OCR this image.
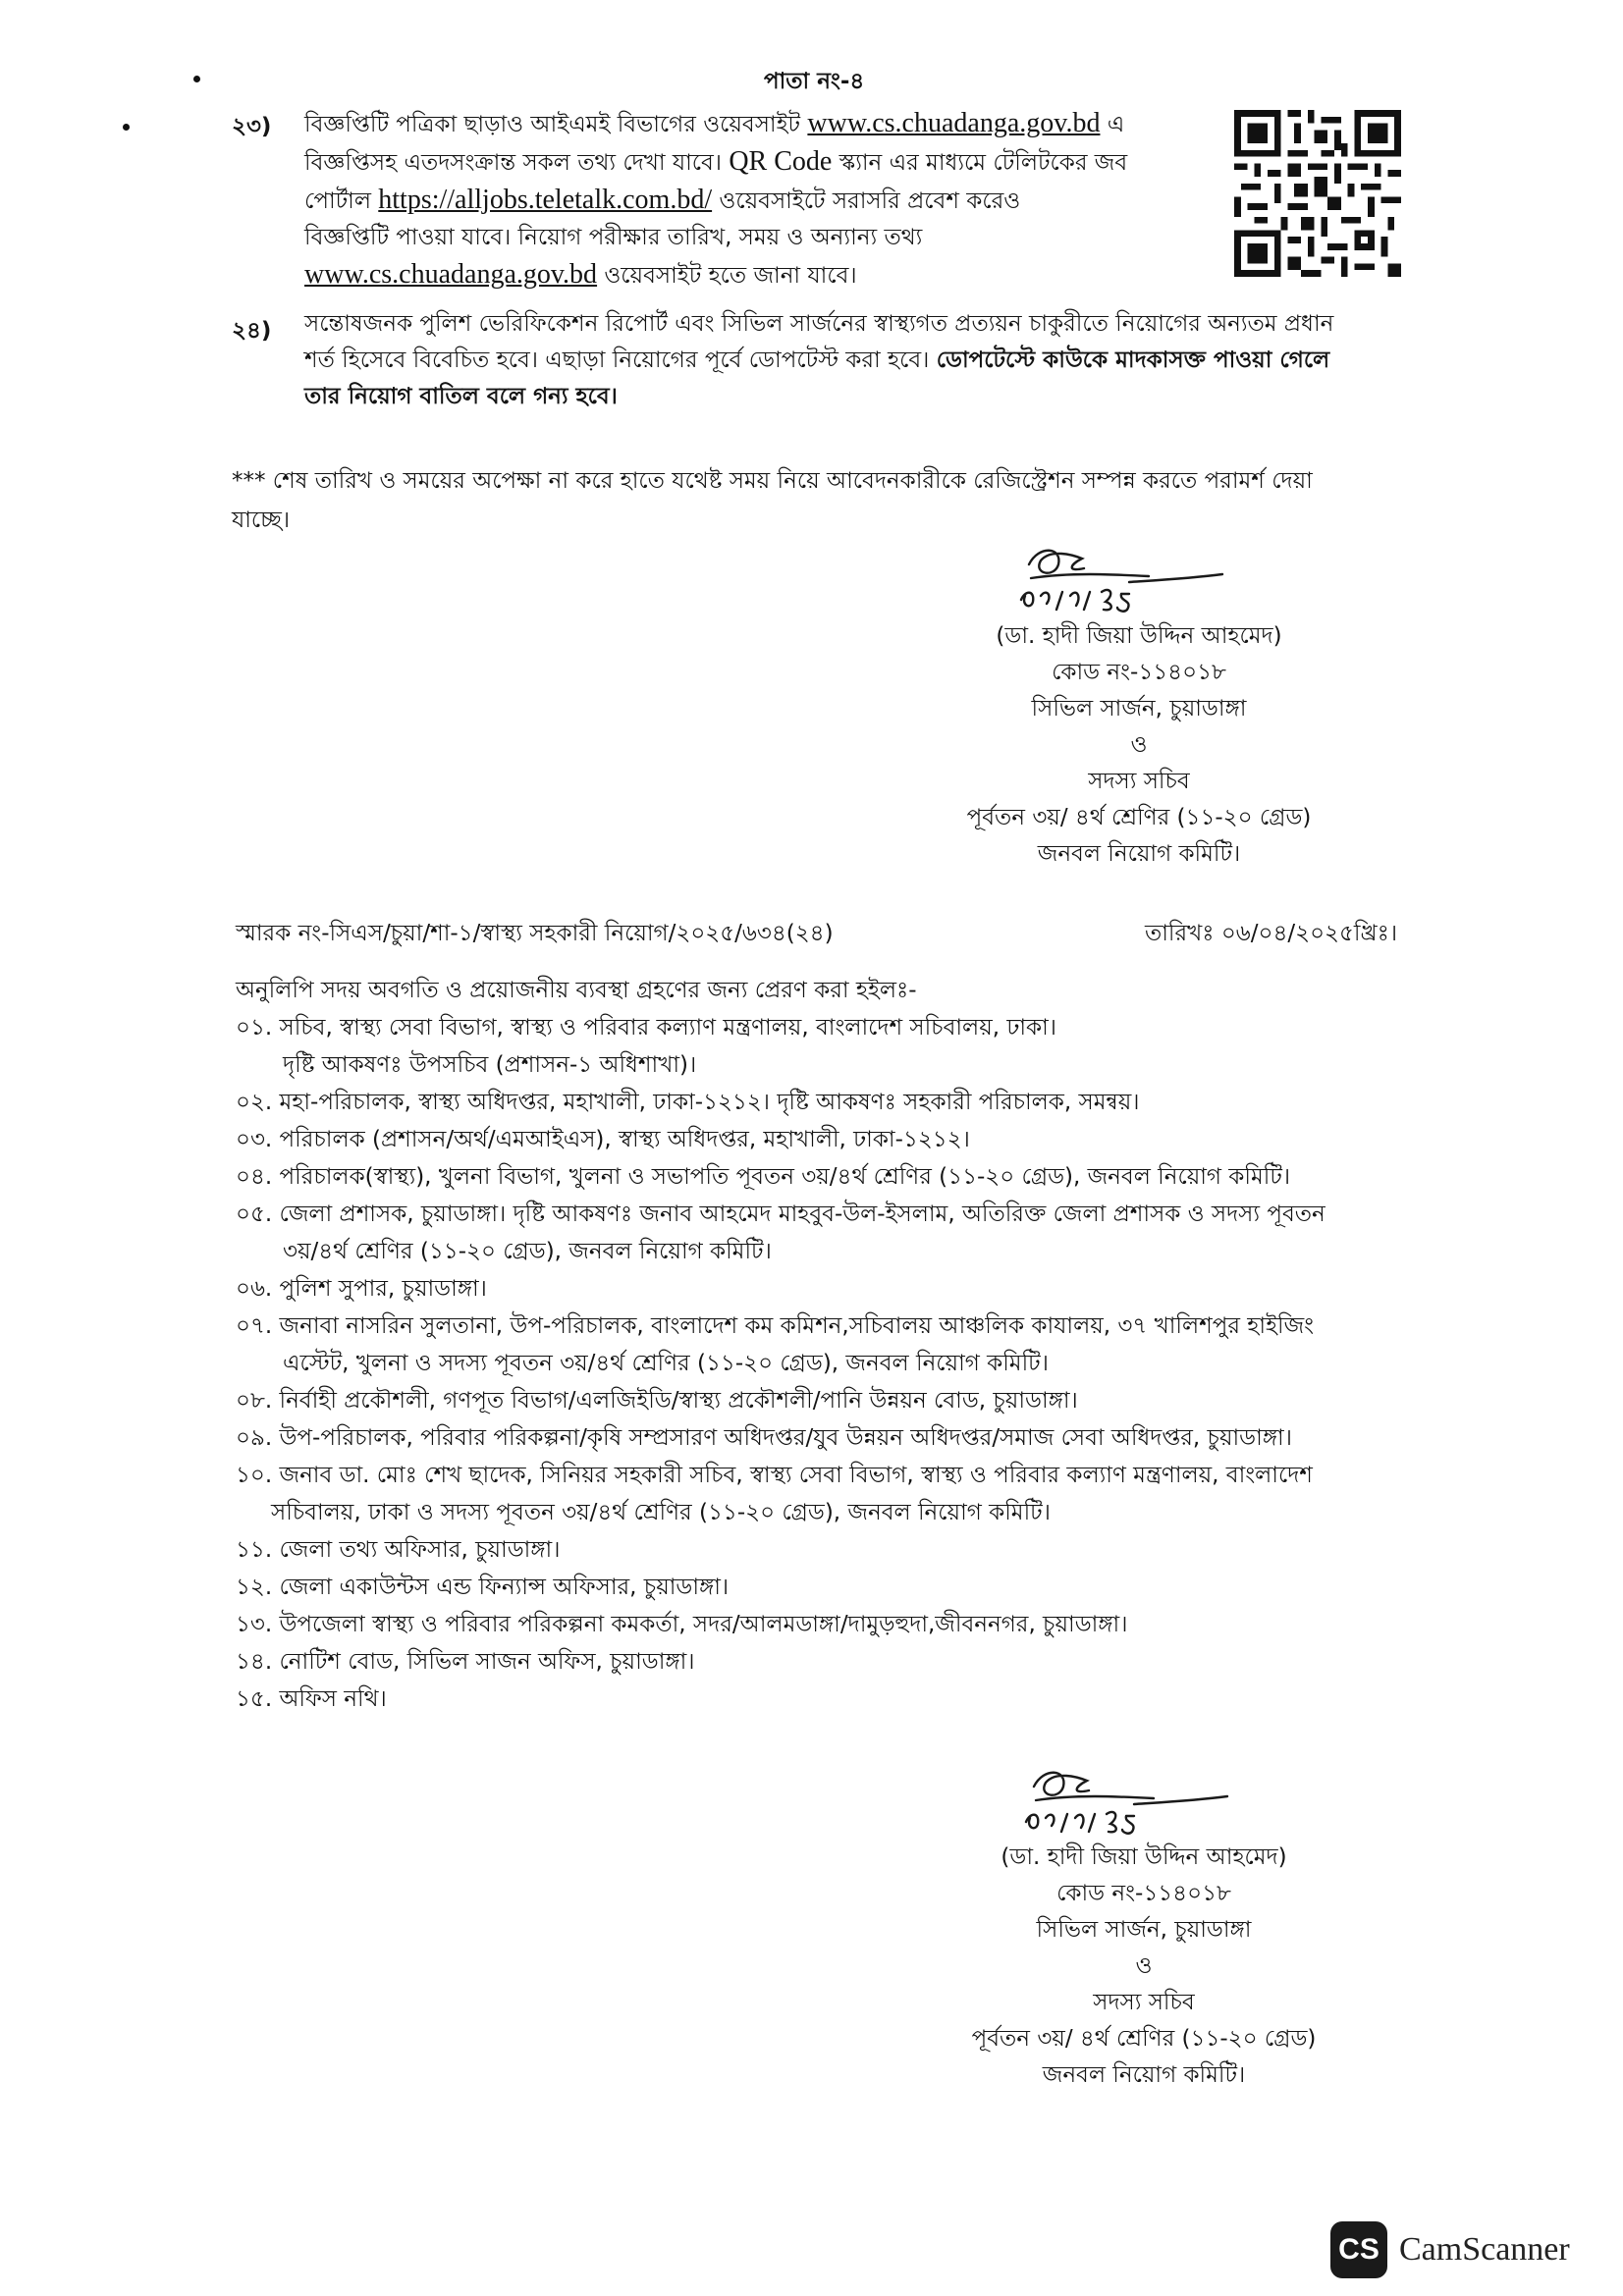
পাতা নং-৪
২৩) বিজ্ঞপ্তিটি পত্রিকা ছাড়াও আইএমই বিভাগের ওয়েবসাইট www.cs.chuadanga.gov.bd এ
বিজ্ঞপ্তিসহ এতদসংক্রান্ত সকল তথ্য দেখা যাবে। QR Code স্ক্যান এর মাধ্যমে টেলিটকের জব
পোর্টাল https://alljobs.teletalk.com.bd/ ওয়েবসাইটে সরাসরি প্রবেশ করেও
বিজ্ঞপ্তিটি পাওয়া যাবে। নিয়োগ পরীক্ষার তারিখ, সময় ও অন্যান্য তথ্য
www.cs.chuadanga.gov.bd ওয়েবসাইট হতে জানা যাবে।
২৪) সন্তোষজনক পুলিশ ভেরিফিকেশন রিপোর্ট এবং সিভিল সার্জনের স্বাস্থ্যগত প্রত্যয়ন চাকুরীতে নিয়োগের অন্যতম প্রধান
শর্ত হিসেবে বিবেচিত হবে। এছাড়া নিয়োগের পূর্বে ডোপটেস্ট করা হবে। ডোপটেস্টে কাউকে মাদকাসক্ত পাওয়া গেলে
তার নিয়োগ বাতিল বলে গন্য হবে।
*** শেষ তারিখ ও সময়ের অপেক্ষা না করে হাতে যথেষ্ট সময় নিয়ে আবেদনকারীকে রেজিস্ট্রেশন সম্পন্ন করতে পরামর্শ দেয়া
যাচ্ছে।
(ডা. হাদী জিয়া উদ্দিন আহমেদ)
কোড নং-১১৪০১৮
সিভিল সার্জন, চুয়াডাঙ্গা
ও
সদস্য সচিব
পূর্বতন ৩য়/ ৪র্থ শ্রেণির (১১-২০ গ্রেড)
জনবল নিয়োগ কমিটি।
স্মারক নং-সিএস/চুয়া/শা-১/স্বাস্থ্য সহকারী নিয়োগ/২০২৫/৬৩৪(২৪)	তারিখঃ ০৬/০৪/২০২৫খ্রিঃ।
অনুলিপি সদয় অবগতি ও প্রয়োজনীয় ব্যবস্থা গ্রহণের জন্য প্রেরণ করা হইলঃ-
০১. সচিব, স্বাস্থ্য সেবা বিভাগ, স্বাস্থ্য ও পরিবার কল্যাণ মন্ত্রণালয়, বাংলাদেশ সচিবালয়, ঢাকা।
দৃষ্টি আকষণঃ উপসচিব (প্রশাসন-১ অধিশাখা)।
০২. মহা-পরিচালক, স্বাস্থ্য অধিদপ্তর, মহাখালী, ঢাকা-১২১২। দৃষ্টি আকষণঃ সহকারী পরিচালক, সমন্বয়।
০৩. পরিচালক (প্রশাসন/অর্থ/এমআইএস), স্বাস্থ্য অধিদপ্তর, মহাখালী, ঢাকা-১২১২।
০৪. পরিচালক(স্বাস্থ্য), খুলনা বিভাগ, খুলনা ও সভাপতি পূবতন ৩য়/৪র্থ শ্রেণির (১১-২০ গ্রেড), জনবল নিয়োগ কমিটি।
০৫. জেলা প্রশাসক, চুয়াডাঙ্গা। দৃষ্টি আকষণঃ জনাব আহমেদ মাহবুব-উল-ইসলাম, অতিরিক্ত জেলা প্রশাসক ও সদস্য পূবতন
৩য়/৪র্থ শ্রেণির (১১-২০ গ্রেড), জনবল নিয়োগ কমিটি।
০৬. পুলিশ সুপার, চুয়াডাঙ্গা।
০৭. জনাবা নাসরিন সুলতানা, উপ-পরিচালক, বাংলাদেশ কম কমিশন,সচিবালয় আঞ্চলিক কাযালয়, ৩৭ খালিশপুর হাইজিং
এস্টেট, খুলনা ও সদস্য পূবতন ৩য়/৪র্থ শ্রেণির (১১-২০ গ্রেড), জনবল নিয়োগ কমিটি।
০৮. নির্বাহী প্রকৌশলী, গণপূত বিভাগ/এলজিইডি/স্বাস্থ্য প্রকৌশলী/পানি উন্নয়ন বোড, চুয়াডাঙ্গা।
০৯. উপ-পরিচালক, পরিবার পরিকল্পনা/কৃষি সম্প্রসারণ অধিদপ্তর/যুব উন্নয়ন অধিদপ্তর/সমাজ সেবা অধিদপ্তর, চুয়াডাঙ্গা।
১০. জনাব ডা. মোঃ শেখ ছাদেক, সিনিয়র সহকারী সচিব, স্বাস্থ্য সেবা বিভাগ, স্বাস্থ্য ও পরিবার কল্যাণ মন্ত্রণালয়, বাংলাদেশ
সচিবালয়, ঢাকা ও সদস্য পূবতন ৩য়/৪র্থ শ্রেণির (১১-২০ গ্রেড), জনবল নিয়োগ কমিটি।
১১. জেলা তথ্য অফিসার, চুয়াডাঙ্গা।
১২. জেলা একাউন্টস এন্ড ফিন্যান্স অফিসার, চুয়াডাঙ্গা।
১৩. উপজেলা স্বাস্থ্য ও পরিবার পরিকল্পনা কমকর্তা, সদর/আলমডাঙ্গা/দামুড়হুদা,জীবননগর, চুয়াডাঙ্গা।
১৪. নোটিশ বোড, সিভিল সাজন অফিস, চুয়াডাঙ্গা।
১৫. অফিস নথি।
(ডা. হাদী জিয়া উদ্দিন আহমেদ)
কোড নং-১১৪০১৮
সিভিল সার্জন, চুয়াডাঙ্গা
ও
সদস্য সচিব
পূর্বতন ৩য়/ ৪র্থ শ্রেণির (১১-২০ গ্রেড)
জনবল নিয়োগ কমিটি।
CS CamScanner
